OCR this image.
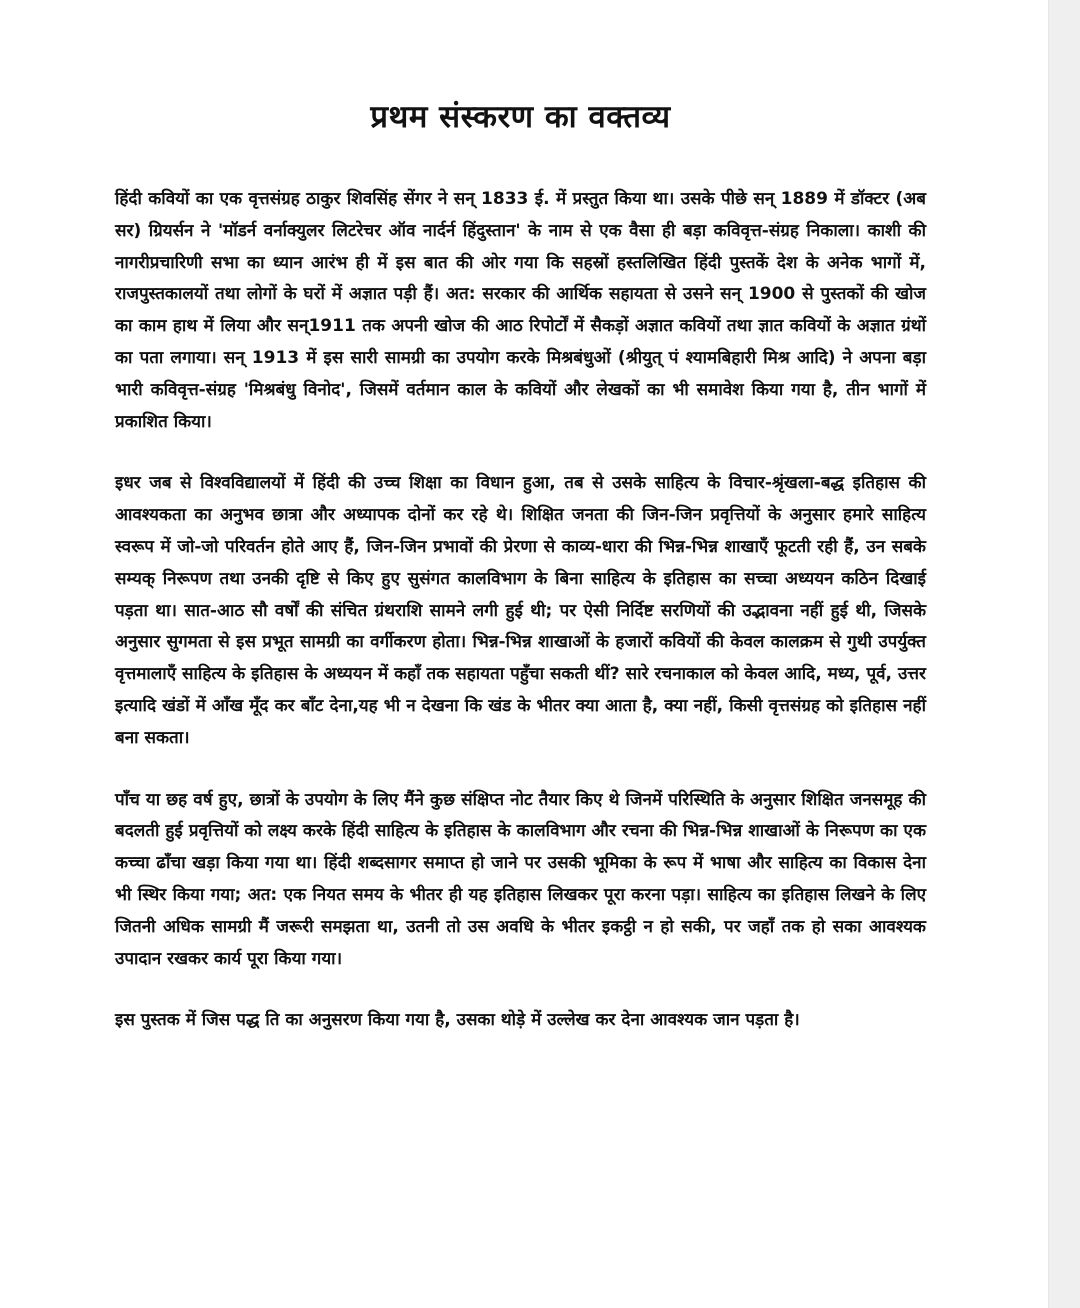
प्रथम संस्करण का वक्तव्य

हिंदी कवियों का एक वृत्तसंग्रह ठाकुर शिवसिंह सेंगर ने सन् 1833 ई. में प्रस्तुत किया था। उसके पीछे सन् 1889 में डॉक्टर (अब सर) ग्रियर्सन ने 'मॉडर्न वर्नाक्युलर लिटरेचर ऑव नार्दर्न हिंदुस्तान' के नाम से एक वैसा ही बड़ा कविवृत्त-संग्रह निकाला। काशी की नागरीप्रचारिणी सभा का ध्यान आरंभ ही में इस बात की ओर गया कि सहस्रों हस्तलिखित हिंदी पुस्तकें देश के अनेक भागों में, राजपुस्तकालयों तथा लोगों के घरों में अज्ञात पड़ी हैं। अत: सरकार की आर्थिक सहायता से उसने सन् 1900 से पुस्तकों की खोज का काम हाथ में लिया और सन्1911 तक अपनी खोज की आठ रिपोर्टों में सैकड़ों अज्ञात कवियों तथा ज्ञात कवियों के अज्ञात ग्रंथों का पता लगाया। सन् 1913 में इस सारी सामग्री का उपयोग करके मिश्रबंधुओं (श्रीयुत् पं श्यामबिहारी मिश्र आदि) ने अपना बड़ा भारी कविवृत्त-संग्रह 'मिश्रबंधु विनोद', जिसमें वर्तमान काल के कवियों और लेखकों का भी समावेश किया गया है, तीन भागों में प्रकाशित किया।

इधर जब से विश्वविद्यालयों में हिंदी की उच्च शिक्षा का विधान हुआ, तब से उसके साहित्य के विचार-श्रृंखला-बद्ध इतिहास की आवश्यकता का अनुभव छात्रा और अध्यापक दोनों कर रहे थे। शिक्षित जनता की जिन-जिन प्रवृत्तियों के अनुसार हमारे साहित्य स्वरूप में जो-जो परिवर्तन होते आए हैं, जिन-जिन प्रभावों की प्रेरणा से काव्य-धारा की भिन्न-भिन्न शाखाएँ फूटती रही हैं, उन सबके सम्यक् निरूपण तथा उनकी दृष्टि से किए हुए सुसंगत कालविभाग के बिना साहित्य के इतिहास का सच्चा अध्ययन कठिन दिखाई पड़ता था। सात-आठ सौ वर्षों की संचित ग्रंथराशि सामने लगी हुई थी; पर ऐसी निर्दिष्ट सरणियों की उद्भावना नहीं हुई थी, जिसके अनुसार सुगमता से इस प्रभूत सामग्री का वर्गीकरण होता। भिन्न-भिन्न शाखाओं के हजारों कवियों की केवल कालक्रम से गुथी उपर्युक्त वृत्तमालाएँ साहित्य के इतिहास के अध्ययन में कहाँ तक सहायता पहुँचा सकती थीं? सारे रचनाकाल को केवल आदि, मध्य, पूर्व, उत्तर इत्यादि खंडों में आँख मूँद कर बाँट देना,यह भी न देखना कि खंड के भीतर क्या आता है, क्या नहीं, किसी वृत्तसंग्रह को इतिहास नहीं बना सकता।

पाँच या छह वर्ष हुए, छात्रों के उपयोग के लिए मैंने कुछ संक्षिप्त नोट तैयार किए थे जिनमें परिस्थिति के अनुसार शिक्षित जनसमूह की बदलती हुई प्रवृत्तियों को लक्ष्य करके हिंदी साहित्य के इतिहास के कालविभाग और रचना की भिन्न-भिन्न शाखाओं के निरूपण का एक कच्चा ढाँचा खड़ा किया गया था। हिंदी शब्दसागर समाप्त हो जाने पर उसकी भूमिका के रूप में भाषा और साहित्य का विकास देना भी स्थिर किया गया; अत: एक नियत समय के भीतर ही यह इतिहास लिखकर पूरा करना पड़ा। साहित्य का इतिहास लिखने के लिए जितनी अधिक सामग्री मैं जरूरी समझता था, उतनी तो उस अवधि के भीतर इकट्ठी न हो सकी, पर जहाँ तक हो सका आवश्यक उपादान रखकर कार्य पूरा किया गया।

इस पुस्तक में जिस पद्ध ति का अनुसरण किया गया है, उसका थोड़े में उल्लेख कर देना आवश्यक जान पड़ता है।
